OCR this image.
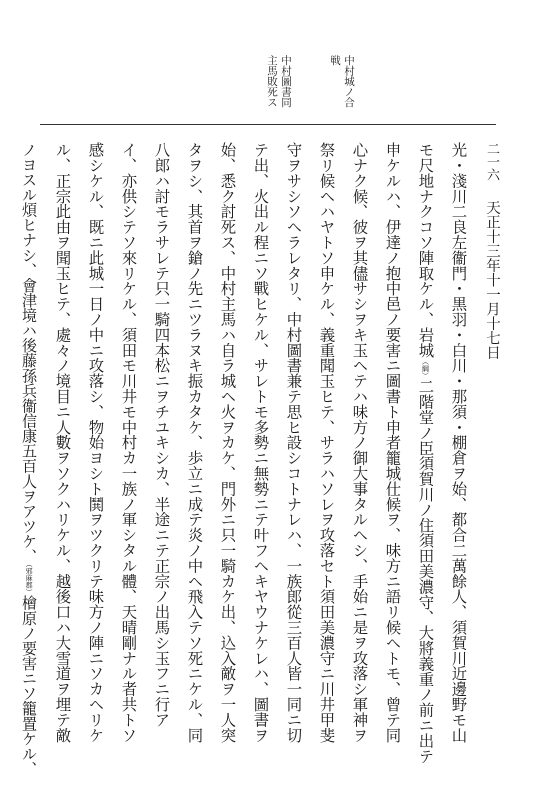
二一六
天正十三年十一月十七日
中村城ノ合
戦
中村圖書同
主馬敗死ス
光・淺川二良左衞門・黒羽・白川・那須・棚倉ヲ始、都合二萬餘人、須賀川近邊野モ山
モ尺地ナクコソ陣取ケル、岩城（綱）二階堂ノ臣須賀川ノ住須田美濃守、大將義重ノ前ニ出テ
申ケルハ、伊達ノ抱中邑ノ要害ニ圖書ト申者籠城仕候ヲ、味方ニ語リ候ヘトモ、曾テ同
心ナク候、彼ヲ其儘サシヲキ玉ヘテハ味方ノ御大事タルヘシ、手始ニ是ヲ攻落シ軍神ヲ
祭リ候ヘハヤトソ申ケル、義重聞玉ヒテ、サラハソレヲ攻落セト須田美濃守ニ川井甲斐
守ヲサシソヘラレタリ、中村圖書兼テ思ヒ設シコトナレハ、一族郎從三百人皆一同ニ切
テ出、火出ル程ニソ戰ヒケル、サレトモ多勢ニ無勢ニテ叶フヘキヤウナケレハ、圖書ヲ
始、悉ク討死ス、中村主馬ハ自ラ城ヘ火ヲカケ、門外ニ只一騎カケ出、込入敵ヲ一人突
タヲシ、其首ヲ鎗ノ先ニツラヌキ振カタケ、歩立ニ成テ炎ノ中ヘ飛入テソ死ニケル、同
八郎ハ討モラサレテ只一騎四本松ニヲチユキシカ、半途ニテ正宗ノ出馬シ玉フニ行ア
イ、亦供シテソ來リケル、須田モ川井モ中村カ一族ノ軍シタル體、天晴剛ナル者共トソ
感シケル、既ニ此城一日ノ中ニ攻落シ、物始ヨシト鬨ヲツクリテ味方ノ陣ニソカヘリケ
ル、正宗此由ヲ聞玉ヒテ、處々ノ境目ニ人數ヲソクハリケル、越後口ハ大雪道ヲ埋テ敵
ノヨスル煩ヒナシ、會津境ハ後藤孫兵衞信康五百人ヲアツケ、（邪麻郡）檜原ノ要害ニソ籠置ケル、
